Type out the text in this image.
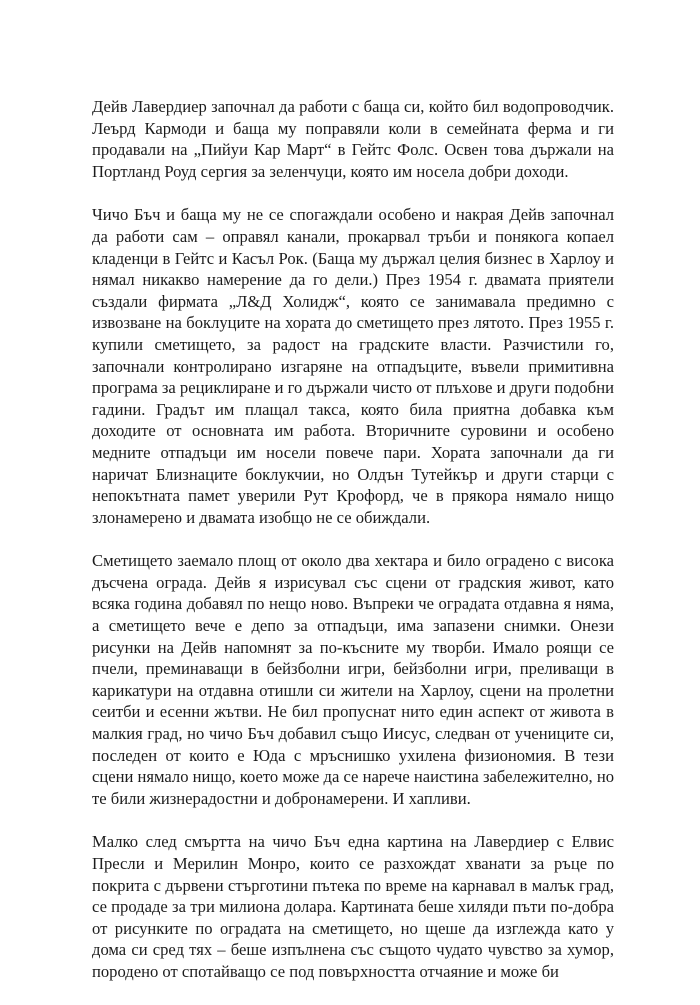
Дейв Лавердиер започнал да работи с баща си, който бил водопроводчик. Леърд Кармоди и баща му поправяли коли в семейната ферма и ги продавали на „Пийуи Кар Март“ в Гейтс Фолс. Освен това държали на Портланд Роуд сергия за зеленчуци, която им носела добри доходи.

Чичо Бъч и баща му не се спогаждали особено и накрая Дейв започнал да работи сам – оправял канали, прокарвал тръби и понякога копаел кладенци в Гейтс и Касъл Рок. (Баща му държал целия бизнес в Харлоу и нямал никакво намерение да го дели.) През 1954 г. двамата приятели създали фирмата „Л&Д Холидж“, която се занимавала предимно с извозване на боклуците на хората до сметището през лятото. През 1955 г. купили сметището, за радост на градските власти. Разчистили го, започнали контролирано изгаряне на отпадъците, въвели примитивна програма за рециклиране и го държали чисто от плъхове и други подобни гадини. Градът им плащал такса, която била приятна добавка към доходите от основната им работа. Вторичните суровини и особено медните отпадъци им носели повече пари. Хората започнали да ги наричат Близнаците боклукчии, но Олдън Тутейкър и други старци с непокътната памет уверили Рут Крофорд, че в прякора нямало нищо злонамерено и двамата изобщо не се обиждали.

Сметището заемало площ от около два хектара и било оградено с висока дъсчена ограда. Дейв я изрисувал със сцени от градския живот, като всяка година добавял по нещо ново. Въпреки че оградата отдавна я няма, а сметището вече е депо за отпадъци, има запазени снимки. Онези рисунки на Дейв напомнят за по-късните му творби. Имало роящи се пчели, преминаващи в бейзболни игри, бейзболни игри, преливащи в карикатури на отдавна отишли си жители на Харлоу, сцени на пролетни сеитби и есенни жътви. Не бил пропуснат нито един аспект от живота в малкия град, но чичо Бъч добавил също Иисус, следван от учениците си, последен от които е Юда с мръснишко ухилена физиономия. В тези сцени нямало нищо, което може да се нарече наистина забележително, но те били жизнерадостни и добронамерени. И хапливи.

Малко след смъртта на чичо Бъч една картина на Лавердиер с Елвис Пресли и Мерилин Монро, които се разхождат хванати за ръце по покрита с дървени стърготини пътека по време на карнавал в малък град, се продаде за три милиона долара. Картината беше хиляди пъти по-добра от рисунките по оградата на сметището, но щеше да изглежда като у дома си сред тях – беше изпълнена със същото чудато чувство за хумор, породено от спотайващо се под повърхността отчаяние и може би
